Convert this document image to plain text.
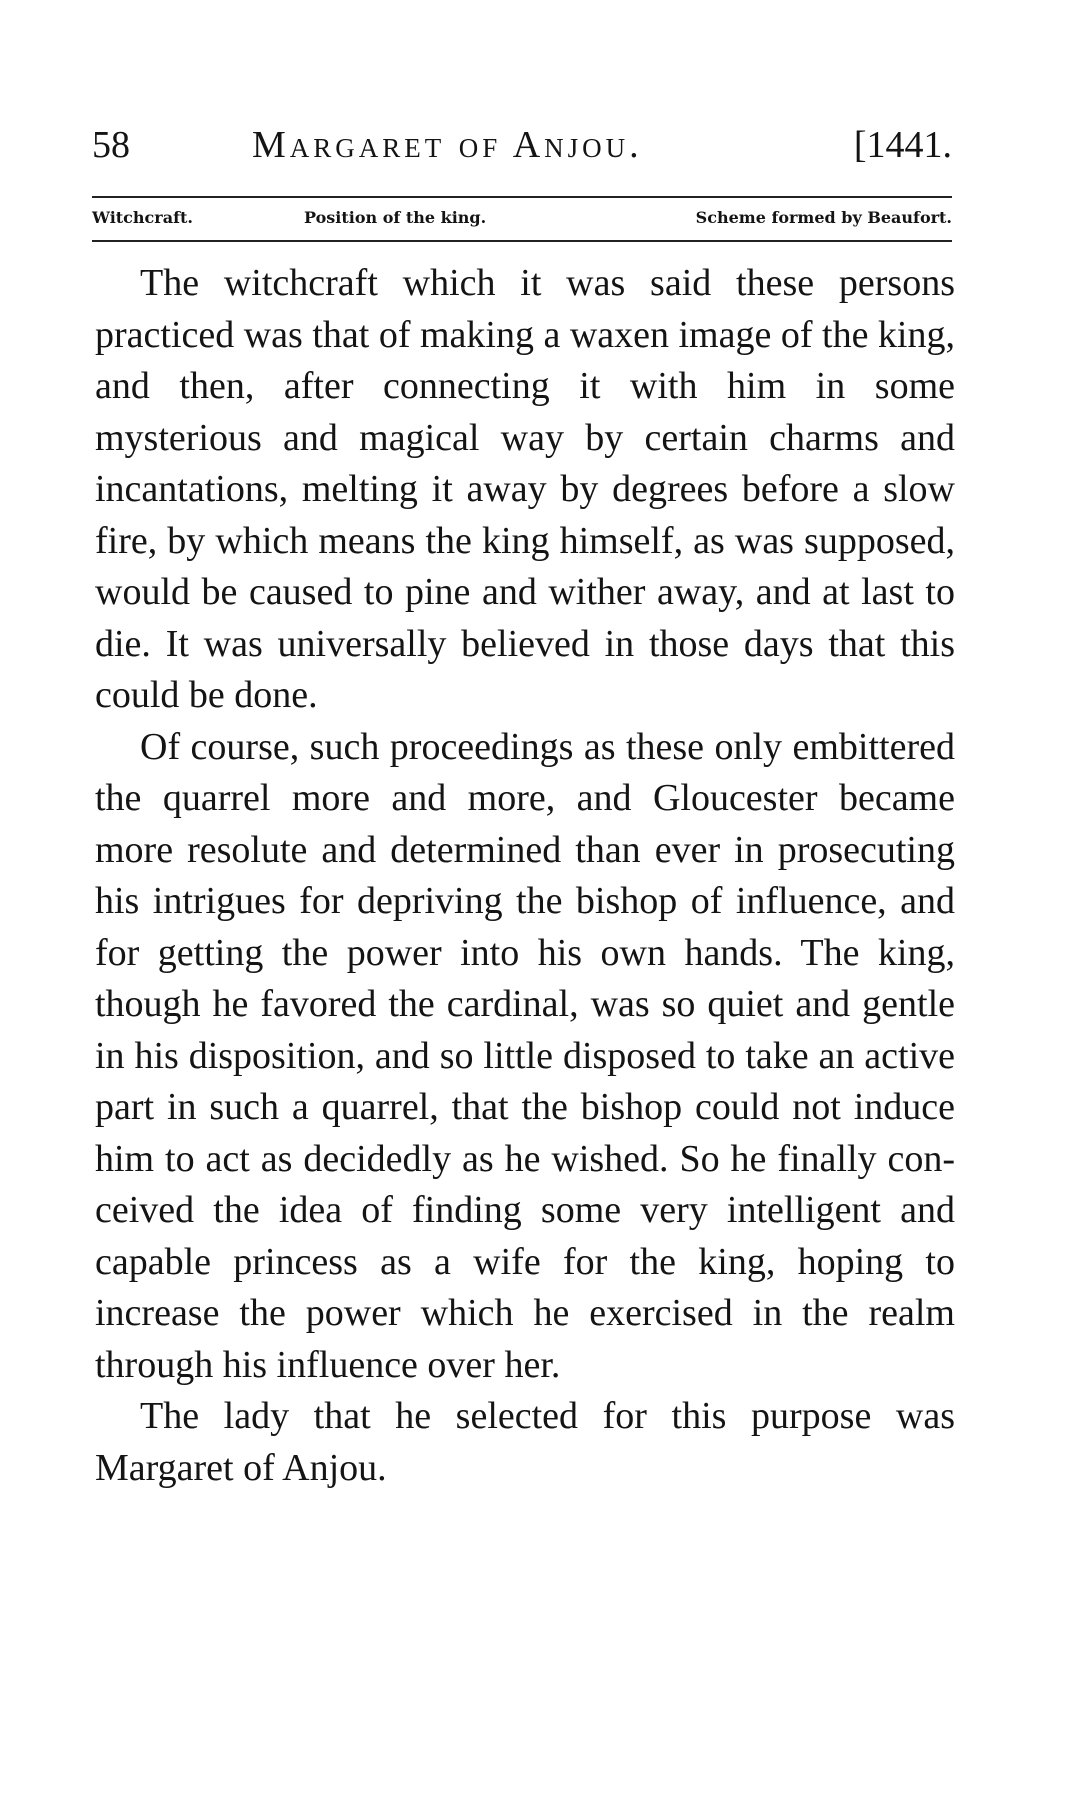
58	Margaret of Anjou.	[1441.
Witchcraft.	Position of the king.	Scheme formed by Beaufort.

The witchcraft which it was said these persons practiced was that of making a waxen image of the king, and then, after connecting it with him in some mysterious and magical way by certain charms and incantations, melting it away by degrees before a slow fire, by which means the king himself, as was supposed, would be caused to pine and wither away, and at last to die. It was universally believed in those days that this could be done.

Of course, such proceedings as these only embittered the quarrel more and more, and Gloucester became more resolute and determined than ever in prosecuting his intrigues for depriving the bishop of influence, and for getting the power into his own hands. The king, though he favored the cardinal, was so quiet and gentle in his disposition, and so little disposed to take an active part in such a quarrel, that the bishop could not induce him to act as decidedly as he wished. So he finally conceived the idea of finding some very intelligent and capable princess as a wife for the king, hoping to increase the power which he exercised in the realm through his influence over her.

The lady that he selected for this purpose was Margaret of Anjou.
